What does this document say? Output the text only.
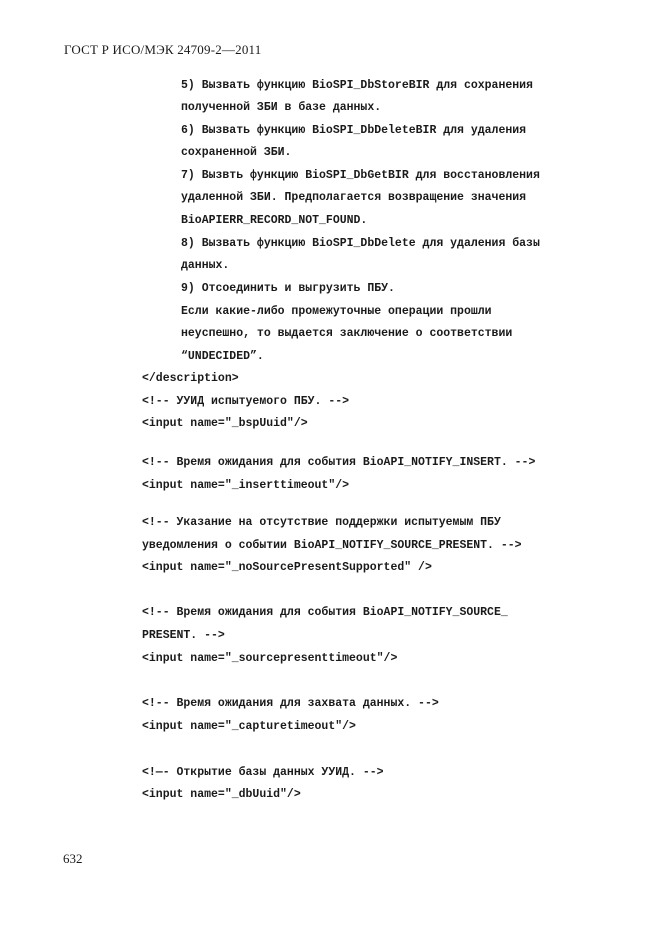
ГОСТ Р ИСО/МЭК 24709-2—2011
5) Вызвать функцию BioSPI_DbStoreBIR для сохранения
полученной ЗБИ в базе данных.
6) Вызвать функцию BioSPI_DbDeleteBIR для удаления
сохраненной ЗБИ.
7) Вызвть функцию BioSPI_DbGetBIR для восстановления
удаленной ЗБИ. Предполагается возвращение значения
BioAPIERR_RECORD_NOT_FOUND.
8) Вызвать функцию BioSPI_DbDelete для удаления базы
данных.
9) Отсоединить и выгрузить ПБУ.
Если какие-либо промежуточные операции прошли
неуспешно, то выдается заключение о соответствии
“UNDECIDED”.
</description>
<!-- УУИД испытуемого ПБУ. -->
<input name="_bspUuid"/>
<!-- Время ожидания для события BioAPI_NOTIFY_INSERT. -->
<input name="_inserttimeout"/>
<!-- Указание на отсутствие поддержки испытуемым ПБУ
уведомления о событии BioAPI_NOTIFY_SOURCE_PRESENT. -->
<input name="_noSourcePresentSupported" />
<!-- Время ожидания для события BioAPI_NOTIFY_SOURCE_
PRESENT. -->
<input name="_sourcepresenttimeout"/>
<!-- Время ожидания для захвата данных. -->
<input name="_capturetimeout"/>
<!—- Открытие базы данных УУИД. -->
<input name="_dbUuid"/>
632
